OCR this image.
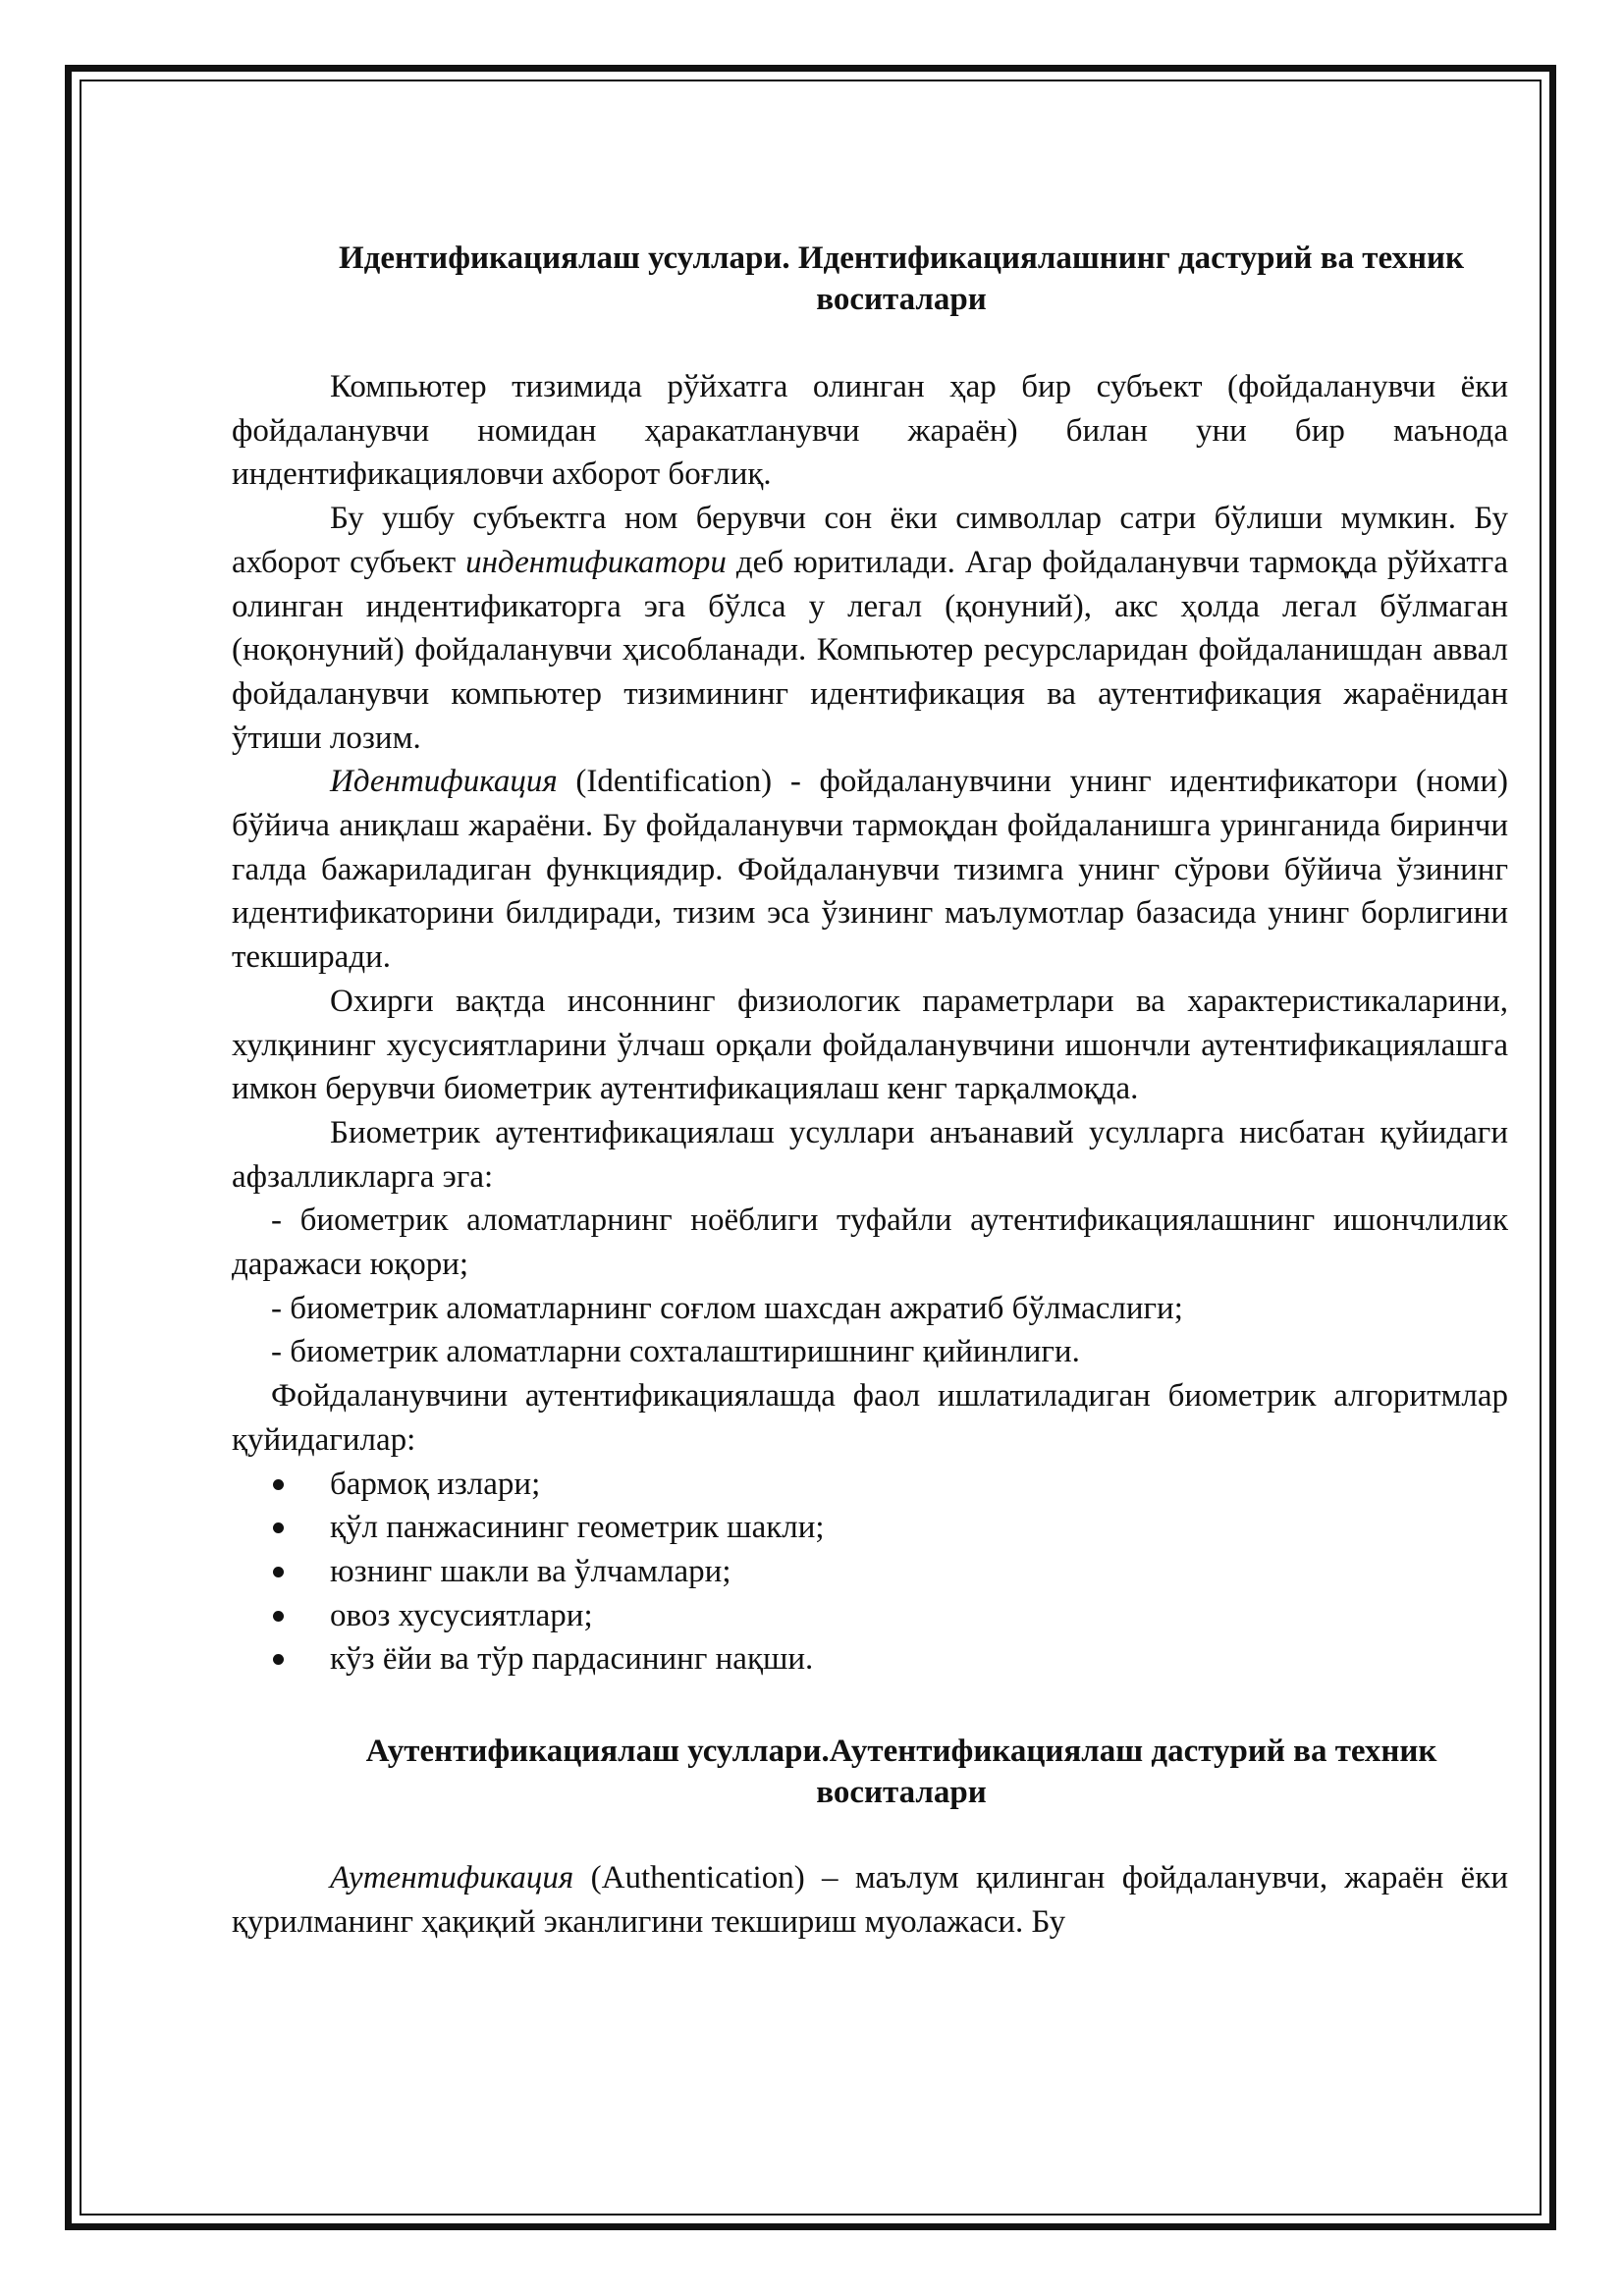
Идентификациялаш усуллари. Идентификациялашнинг дастурий ва техник воситалари

Компьютер тизимида рўйхатга олинган ҳар бир субъект (фойдаланувчи ёки фойдаланувчи номидан ҳаракатланувчи жараён) билан уни бир маънода индентификацияловчи ахборот боғлиқ.

Бу ушбу субъектга ном берувчи сон ёки символлар сатри бўлиши мумкин. Бу ахборот субъект индентификатори деб юритилади. Агар фойдаланувчи тармоқда рўйхатга олинган индентификаторга эга бўлса у легал (қонуний), акс ҳолда легал бўлмаган (ноқонуний) фойдаланувчи ҳисобланади. Компьютер ресурсларидан фойдаланишдан аввал фойдаланувчи компьютер тизимининг идентификация ва аутентификация жараёнидан ўтиши лозим.

Идентификация (Identification) - фойдаланувчини унинг идентификатори (номи) бўйича аниқлаш жараёни. Бу фойдаланувчи тармоқдан фойдаланишга уринганида биринчи галда бажариладиган функциядир. Фойдаланувчи тизимга унинг сўрови бўйича ўзининг идентификаторини билдиради, тизим эса ўзининг маълумотлар базасида унинг борлигини текширади.

Охирги вақтда инсоннинг физиологик параметрлари ва характеристикаларини, хулқининг хусусиятларини ўлчаш орқали фойдаланувчини ишончли аутентификациялашга имкон берувчи биометрик аутентификациялаш кенг тарқалмоқда.

Биометрик аутентификациялаш усуллари анъанавий усулларга нисбатан қуйидаги афзалликларга эга:

- биометрик аломатларнинг ноёблиги туфайли аутентификациялашнинг ишончлилик даражаси юқори;

- биометрик аломатларнинг соғлом шахсдан ажратиб бўлмаслиги;

- биометрик аломатларни сохталаштиришнинг қийинлиги.

Фойдаланувчини аутентификациялашда фаол ишлатиладиган биометрик алгоритмлар қуйидагилар:

бармоқ излари;
қўл панжасининг геометрик шакли;
юзнинг шакли ва ўлчамлари;
овоз хусусиятлари;
кўз ёйи ва тўр пардасининг нақши.
Аутентификациялаш усуллари.Аутентификациялаш дастурий ва техник воситалари

Аутентификация (Authentication) – маълум қилинган фойдаланувчи, жараён ёки қурилманинг ҳақиқий эканлигини текшириш муолажаси. Бу
